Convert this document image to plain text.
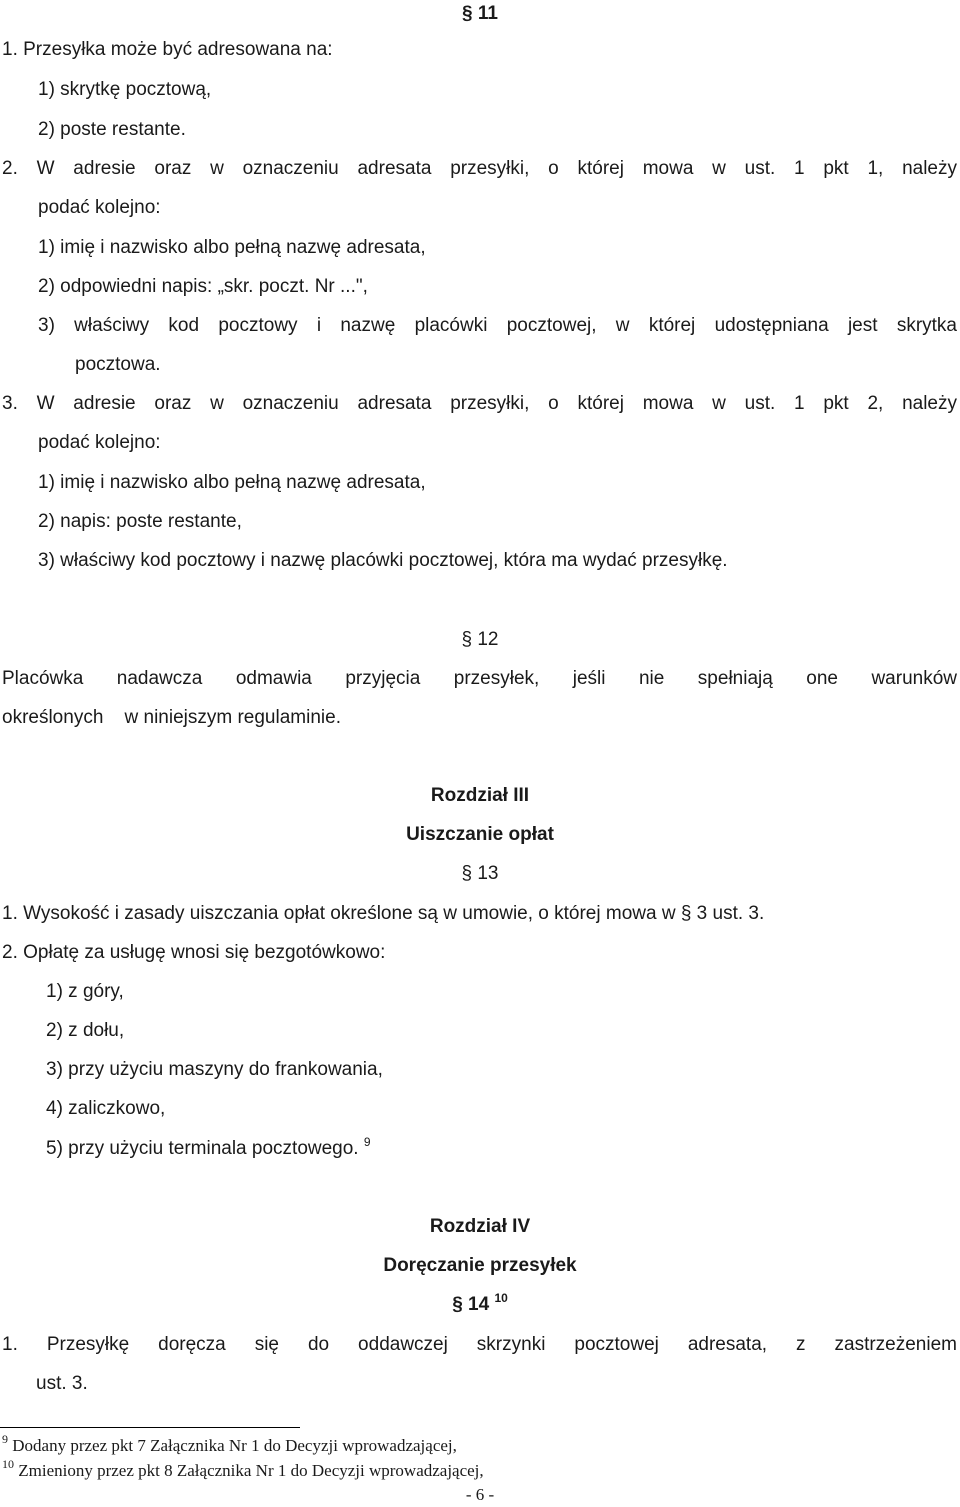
§ 11
1. Przesyłka może być adresowana na:
1) skrytkę pocztową,
2) poste restante.
2. W adresie oraz w oznaczeniu adresata przesyłki, o której mowa w ust. 1 pkt 1, należy
podać kolejno:
1) imię i nazwisko albo pełną nazwę adresata,
2) odpowiedni napis: „skr. poczt. Nr ...",
3) właściwy kod pocztowy i nazwę placówki pocztowej, w której udostępniana jest skrytka
pocztowa.
3. W adresie oraz w oznaczeniu adresata przesyłki, o której mowa w ust. 1 pkt 2, należy
podać kolejno:
1) imię i nazwisko albo pełną nazwę adresata,
2) napis: poste restante,
3) właściwy kod pocztowy i nazwę placówki pocztowej, która ma wydać przesyłkę.
§ 12
Placówka nadawcza odmawia przyjęcia przesyłek, jeśli nie spełniają one warunków
określonych    w niniejszym regulaminie.
Rozdział III
Uiszczanie opłat
§ 13
1. Wysokość i zasady uiszczania opłat określone są w umowie, o której mowa w § 3 ust. 3.
2. Opłatę za usługę wnosi się bezgotówkowo:
1) z góry,
2) z dołu,
3) przy użyciu maszyny do frankowania,
4) zaliczkowo,
5) przy użyciu terminala pocztowego. $^9$
Rozdział IV
Doręczanie przesyłek
§ 14 $^{10}$
1. Przesyłkę doręcza się do oddawczej skrzynki pocztowej adresata, z zastrzeżeniem
ust. 3.
$^9$ Dodany przez pkt 7 Załącznika Nr 1 do Decyzji wprowadzającej,
$^{10}$ Zmieniony przez pkt 8 Załącznika Nr 1 do Decyzji wprowadzającej,
- 6 -
